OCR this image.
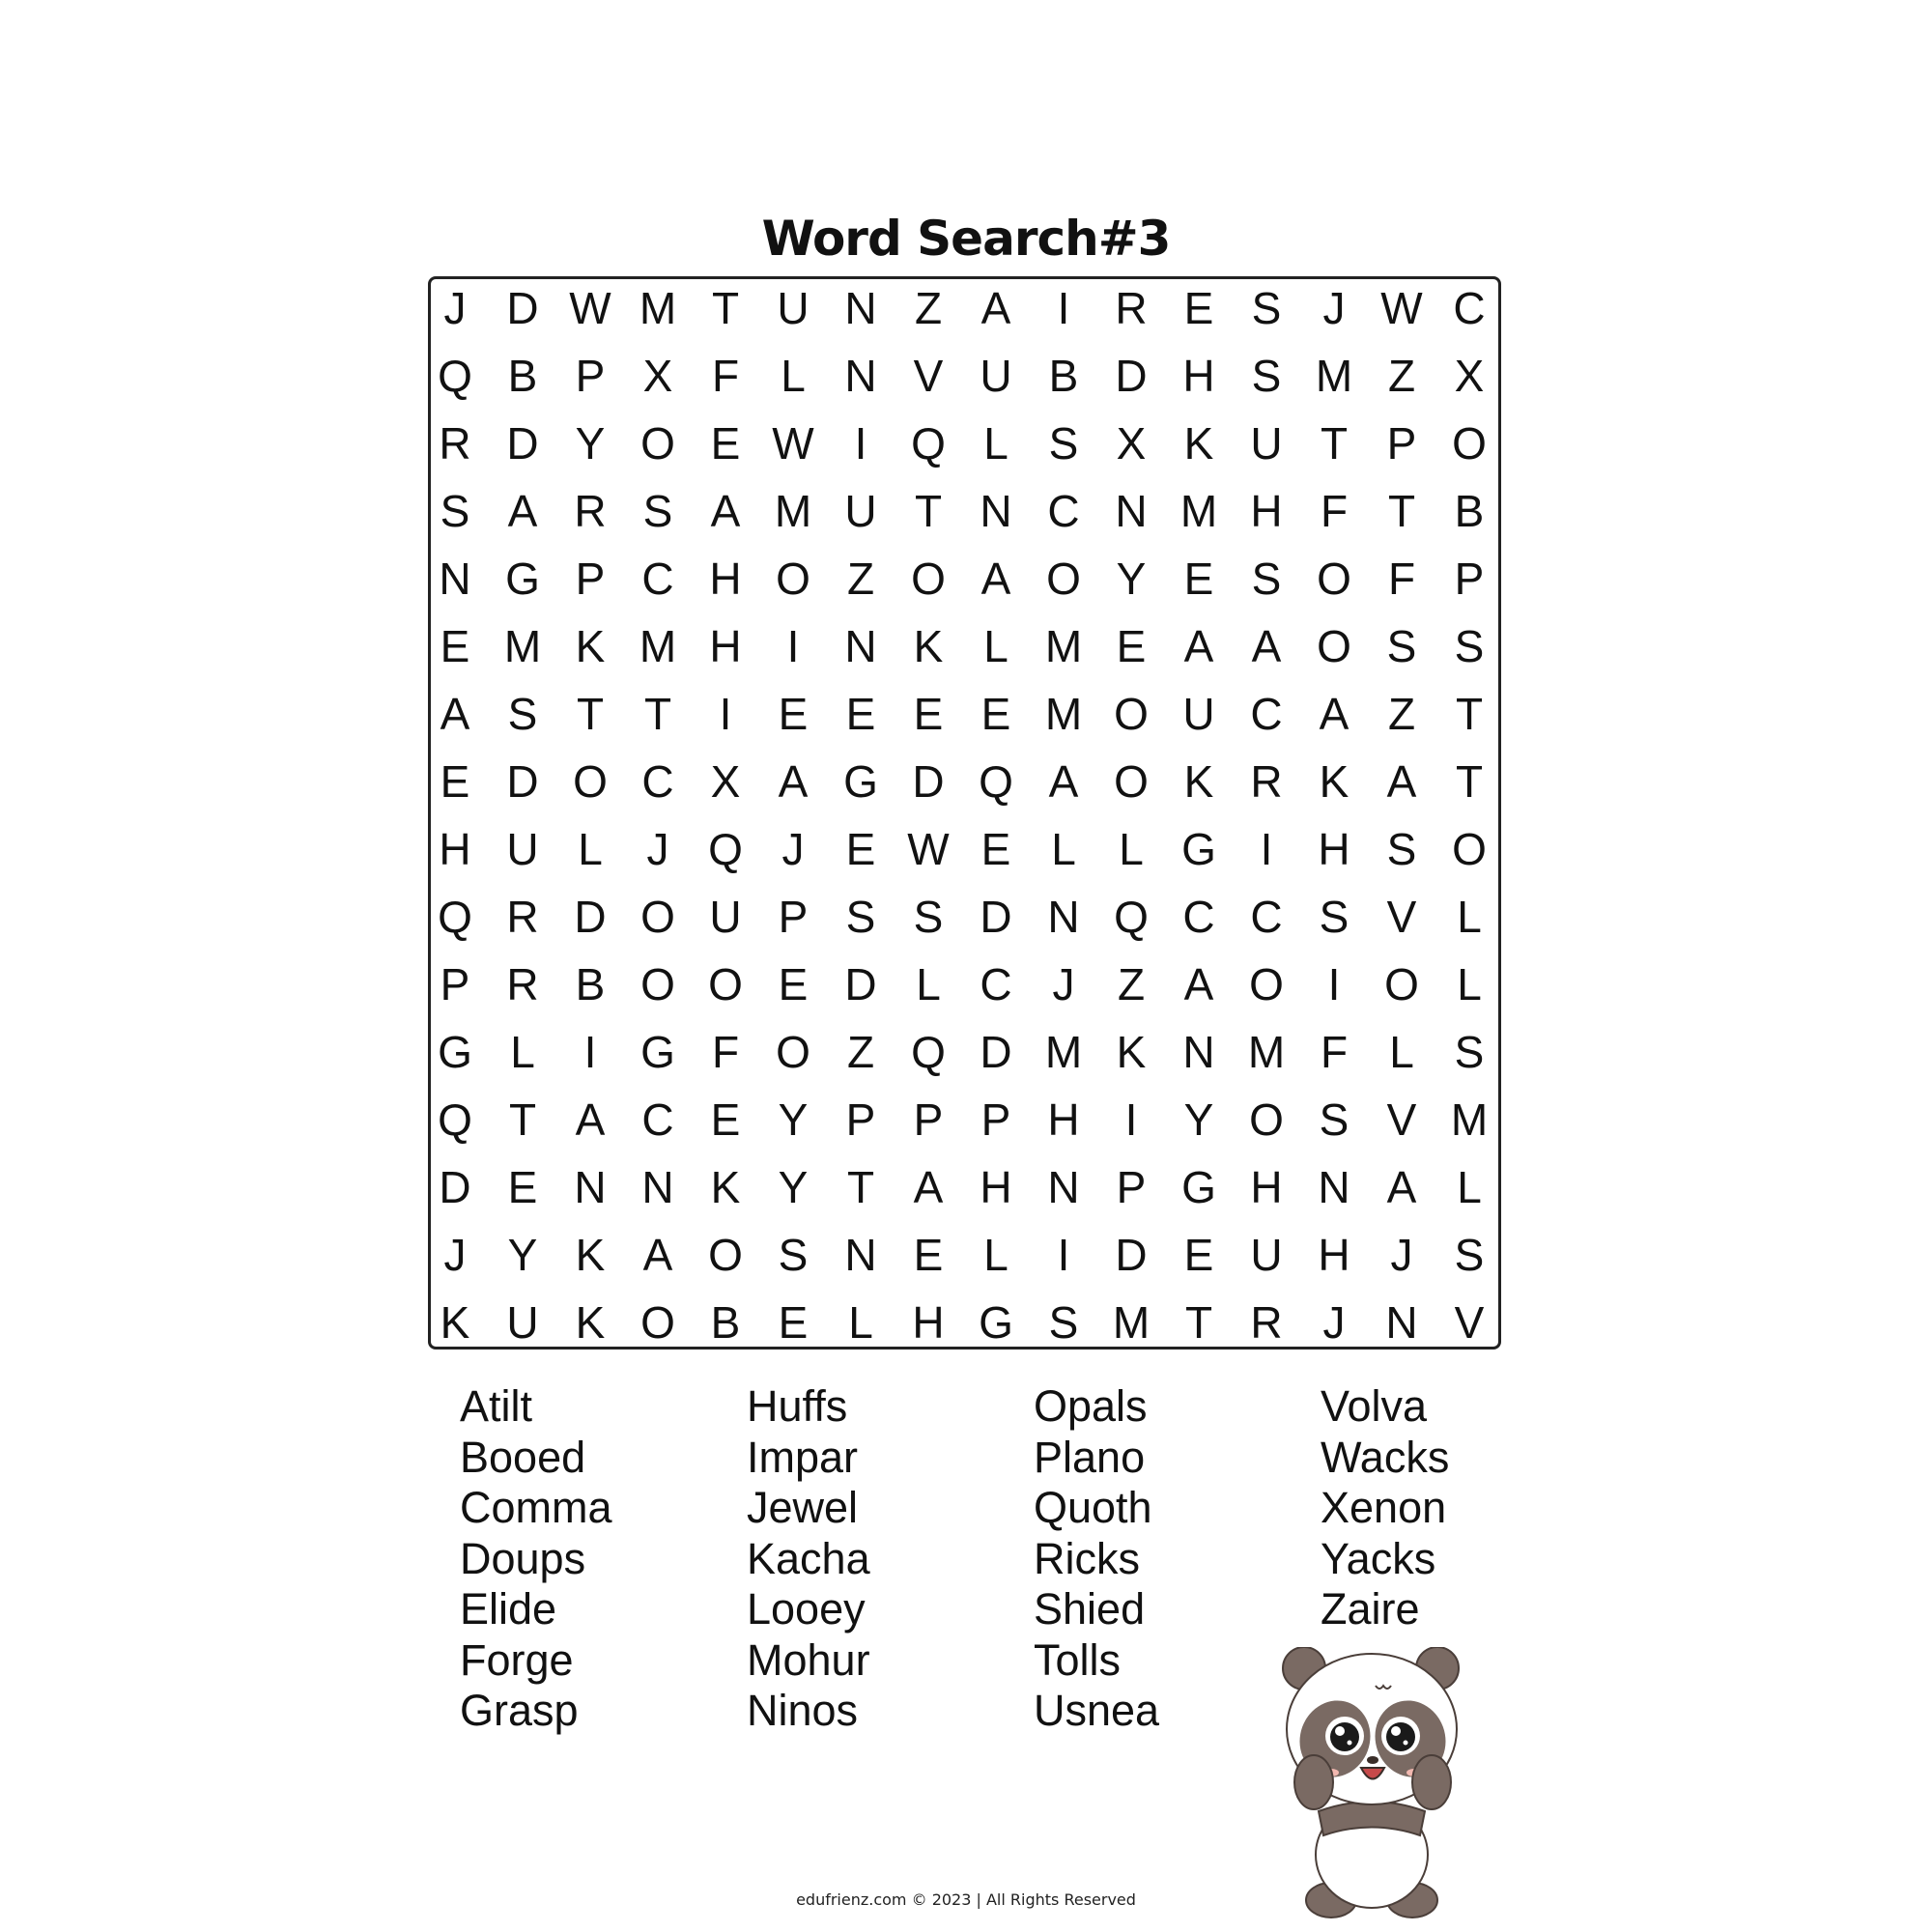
Word Search#3
J D W M T U N Z A	I	R E S J W C
Q B P X F L N V U B D H S M Z X
R D Y O E W I Q L S X K U T P O
S A R S A M U T N C N M H F T B
N G P C H O Z O A O Y E S O F P
E M K M H	I	N K L M E A A O S S
A S T T	I	E E E E M O U C A Z T
E D O C X A G D Q A O K R K A T
H U L J Q J E W E L L G I	H S O
Q R D O U P S S D N Q C C S V L
P R B O O E D L C J Z A O I O L
G L	I G F O Z Q D M K N M F L S
Q T A C E Y P P P H	I	Y O S V M
D E N N K Y T A H N P G H N A L
J Y K A O S N E L	I	D E U H J S
K U K O B E L H G S M T R J N V
Atilt
Booed
Comma
Doups
Elide
Forge
Grasp
Huffs
Impar
Jewel
Kacha
Looey
Mohur
Ninos
Opals
Plano
Quoth
Ricks
Shied
Tolls
Usnea
Volva
Wacks
Xenon
Yacks
Zaire
edufrienz.com © 2023 | All Rights Reserved
